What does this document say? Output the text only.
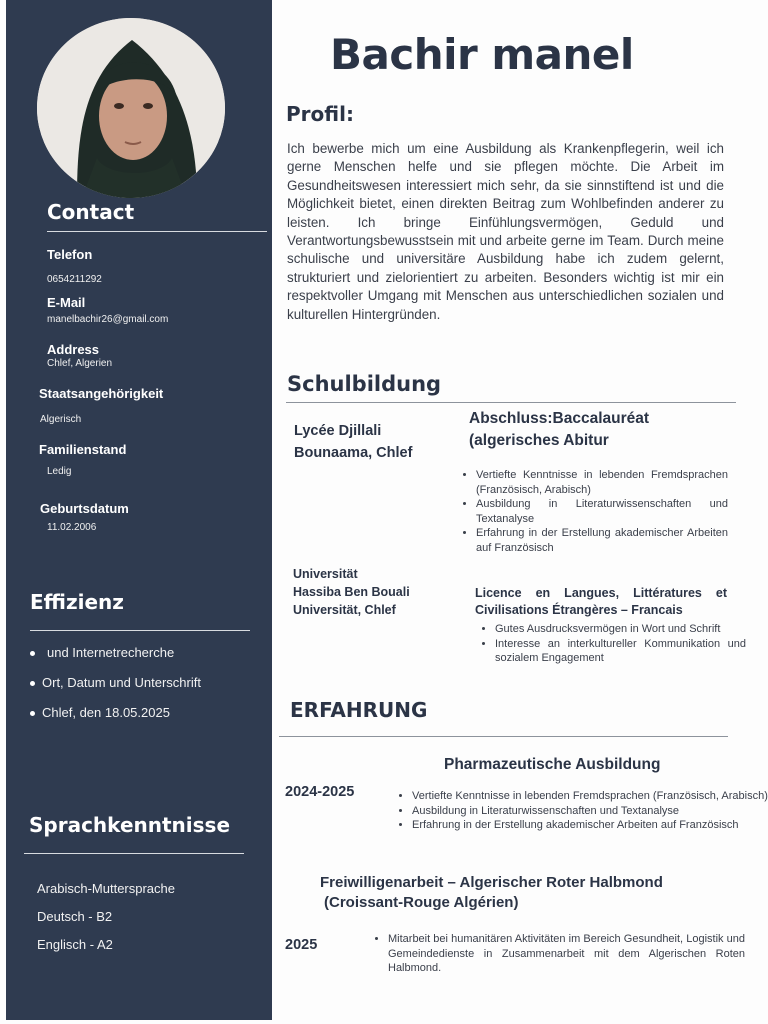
Contact
Telefon
0654211292
E-Mail
manelbachir26@gmail.com
Address
Chlef, Algerien
Staatsangehörigkeit
Algerisch
Familienstand
Ledig
Geburtsdatum
11.02.2006
Effizienz
und Internetrecherche
Ort, Datum und Unterschrift
Chlef, den 18.05.2025
Sprachkenntnisse
Arabisch-Muttersprache
Deutsch - B2
Englisch - A2
Bachir manel
Profil:
Ich bewerbe mich um eine Ausbildung als Krankenpflegerin, weil ich gerne Menschen helfe und sie pflegen möchte. Die Arbeit im Gesundheitswesen interessiert mich sehr, da sie sinnstiftend ist und die Möglichkeit bietet, einen direkten Beitrag zum Wohlbefinden anderer zu leisten. Ich bringe Einfühlungsvermögen, Geduld und Verantwortungsbewusstsein mit und arbeite gerne im Team. Durch meine schulische und universitäre Ausbildung habe ich zudem gelernt, strukturiert und zielorientiert zu arbeiten. Besonders wichtig ist mir ein respektvoller Umgang mit Menschen aus unterschiedlichen sozialen und kulturellen Hintergründen.
Schulbildung
Lycée Djillali
Bounaama, Chlef
Abschluss:Baccalauréat
(algerisches Abitur
• Vertiefte Kenntnisse in lebenden Fremdsprachen (Französisch, Arabisch)
• Ausbildung in Literaturwissenschaften und Textanalyse
• Erfahrung in der Erstellung akademischer Arbeiten auf Französisch
Universität
Hassiba Ben Bouali
Universität, Chlef
Licence en Langues, Littératures et Civilisations Étrangères – Francais
• Gutes Ausdrucksvermögen in Wort und Schrift
• Interesse an interkultureller Kommunikation und sozialem Engagement
ERFAHRUNG
Pharmazeutische Ausbildung
2024-2025	• Vertiefte Kenntnisse in lebenden Fremdsprachen (Französisch, Arabisch)
• Ausbildung in Literaturwissenschaften und Textanalyse
• Erfahrung in der Erstellung akademischer Arbeiten auf Französisch
Freiwilligenarbeit – Algerischer Roter Halbmond
(Croissant-Rouge Algérien)
2025	• Mitarbeit bei humanitären Aktivitäten im Bereich Gesundheit, Logistik und Gemeindedienste in Zusammenarbeit mit dem Algerischen Roten Halbmond.
